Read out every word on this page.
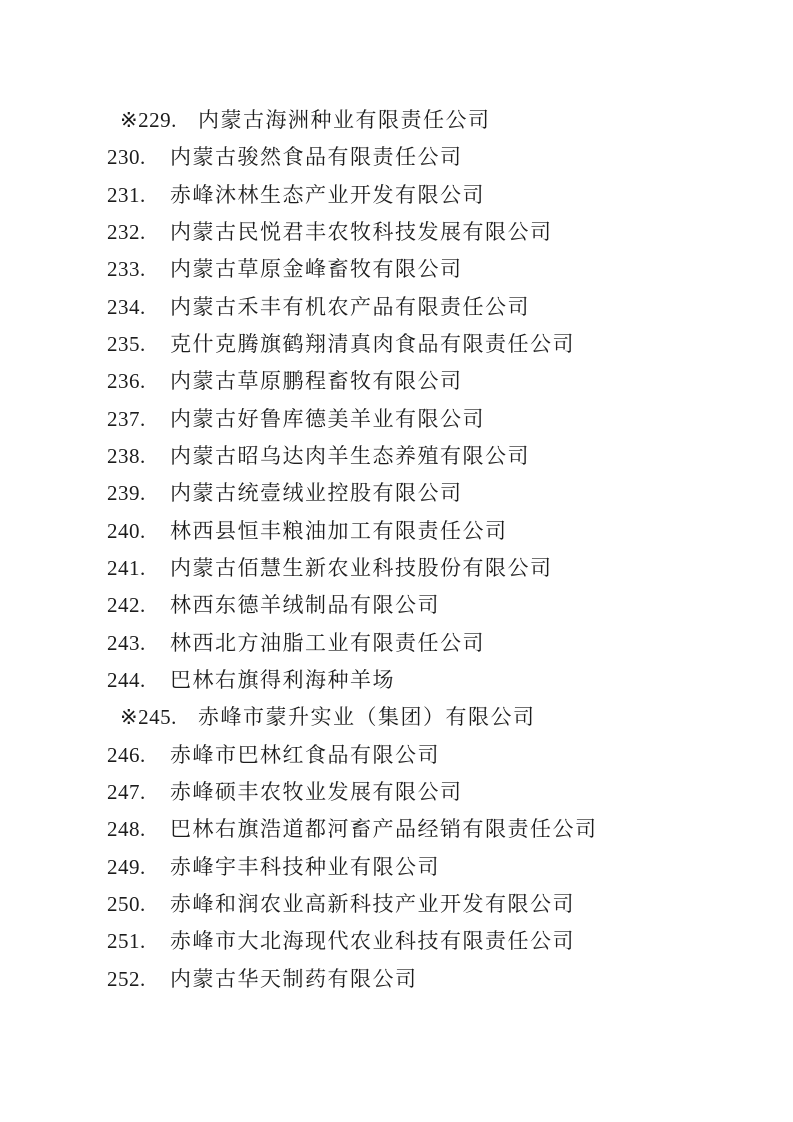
※229. 内蒙古海洲种业有限责任公司
230. 内蒙古骏然食品有限责任公司
231. 赤峰沐林生态产业开发有限公司
232. 内蒙古民悦君丰农牧科技发展有限公司
233. 内蒙古草原金峰畜牧有限公司
234. 内蒙古禾丰有机农产品有限责任公司
235. 克什克腾旗鹤翔清真肉食品有限责任公司
236. 内蒙古草原鹏程畜牧有限公司
237. 内蒙古好鲁库德美羊业有限公司
238. 内蒙古昭乌达肉羊生态养殖有限公司
239. 内蒙古统壹绒业控股有限公司
240. 林西县恒丰粮油加工有限责任公司
241. 内蒙古佰慧生新农业科技股份有限公司
242. 林西东德羊绒制品有限公司
243. 林西北方油脂工业有限责任公司
244. 巴林右旗得利海种羊场
※245. 赤峰市蒙升实业（集团）有限公司
246. 赤峰市巴林红食品有限公司
247. 赤峰硕丰农牧业发展有限公司
248. 巴林右旗浩道都河畜产品经销有限责任公司
249. 赤峰宇丰科技种业有限公司
250. 赤峰和润农业高新科技产业开发有限公司
251. 赤峰市大北海现代农业科技有限责任公司
252. 内蒙古华天制药有限公司
